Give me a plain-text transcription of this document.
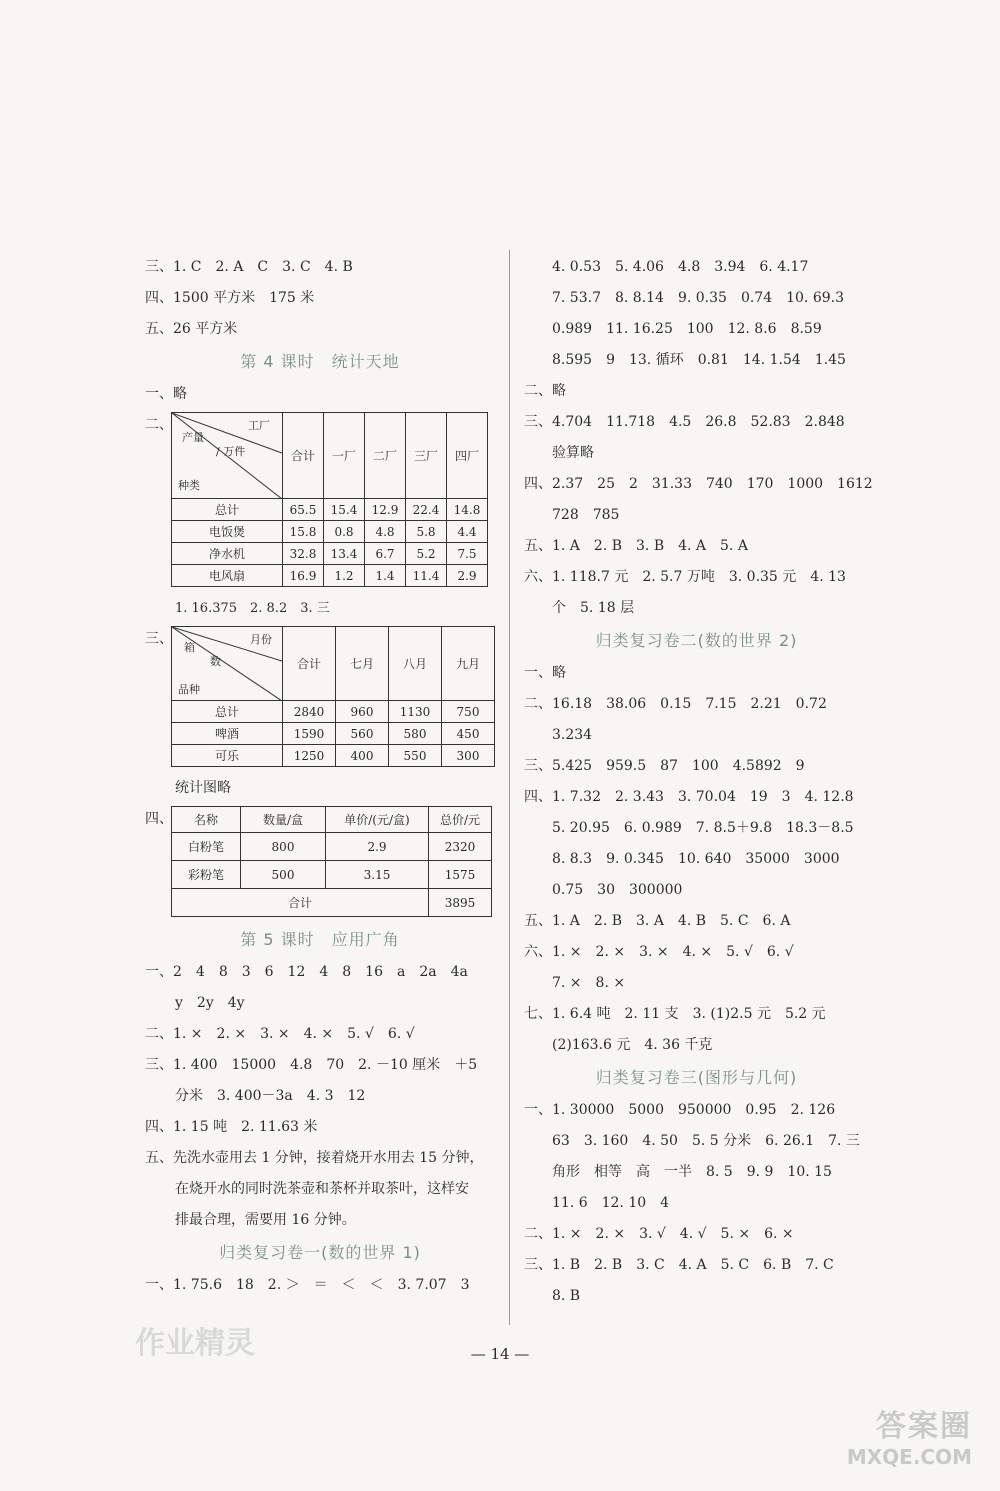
三、1. C　2. A　C　3. C　4. B
四、1500 平方米　175 米
五、26 平方米
第 4 课时　统计天地
一、略
二、	工厂
产量
/ 万件
种类	合计	一厂	二厂	三厂	四厂
总计	65.5	15.4	12.9	22.4	14.8
电饭煲	15.8	0.8	4.8	5.8	4.4
净水机	32.8	13.4	6.7	5.2	7.5
电风扇	16.9	1.2	1.4	11.4	2.9
1. 16.375　2. 8.2　3. 三
三、	月份
箱
数
品种	合计	七月	八月	九月
总计	2840	960	1130	750
啤酒	1590	560	580	450
可乐	1250	400	550	300
统计图略
四、 名称	数量/盒	单价/(元/盒)	总价/元
白粉笔	800	2.9	2320
彩粉笔	500	3.15	1575
合计			3895
第 5 课时　应用广角
一、2　4　8　3　6　12　4　8　16　a　2a　4a
y　2y　4y
二、1. ×　2. ×　3. ×　4. ×　5. √　6. √
三、1. 400　15000　4.8　70　2. －10 厘米　＋5
分米　3. 400－3a　4. 3　12
四、1. 15 吨　2. 11.63 米
五、先洗水壶用去 1 分钟，接着烧开水用去 15 分钟，
在烧开水的同时洗茶壶和茶杯并取茶叶，这样安
排最合理，需要用 16 分钟。
归类复习卷一(数的世界 1)
一、1. 75.6　18　2. ＞　＝　＜　＜　3. 7.07　3
4. 0.53　5. 4.06　4.8　3.94　6. 4.17
7. 53.7　8. 8.14　9. 0.35　0.74　10. 69.3
0.989　11. 16.25　100　12. 8.6　8.59
8.595　9　13. 循环　0.81　14. 1.54　1.45
二、略
三、4.704　11.718　4.5　26.8　52.83　2.848
验算略
四、2.37　25　2　31.33　740　170　1000　1612
728　785
五、1. A　2. B　3. B　4. A　5. A
六、1. 118.7 元　2. 5.7 万吨　3. 0.35 元　4. 13
个　5. 18 层
归类复习卷二(数的世界 2)
一、略
二、16.18　38.06　0.15　7.15　2.21　0.72
3.234
三、5.425　959.5　87　100　4.5892　9
四、1. 7.32　2. 3.43　3. 70.04　19　3　4. 12.8
5. 20.95　6. 0.989　7. 8.5＋9.8　18.3－8.5
8. 8.3　9. 0.345　10. 640　35000　3000
0.75　30　300000
五、1. A　2. B　3. A　4. B　5. C　6. A
六、1. ×　2. ×　3. ×　4. ×　5. √　6. √
7. ×　8. ×
七、1. 6.4 吨　2. 11 支　3. (1)2.5 元　5.2 元
(2)163.6 元　4. 36 千克
归类复习卷三(图形与几何)
一、1. 30000　5000　950000　0.95　2. 126
63　3. 160　4. 50　5. 5 分米　6. 26.1　7. 三
角形　相等　高　一半　8. 5　9. 9　10. 15
11. 6　12. 10　4
二、1. ×　2. ×　3. √　4. √　5. ×　6. ×
三、1. B　2. B　3. C　4. A　5. C　6. B　7. C
8. B
作业精灵	— 14 —
答案圈
MXQE.COM
